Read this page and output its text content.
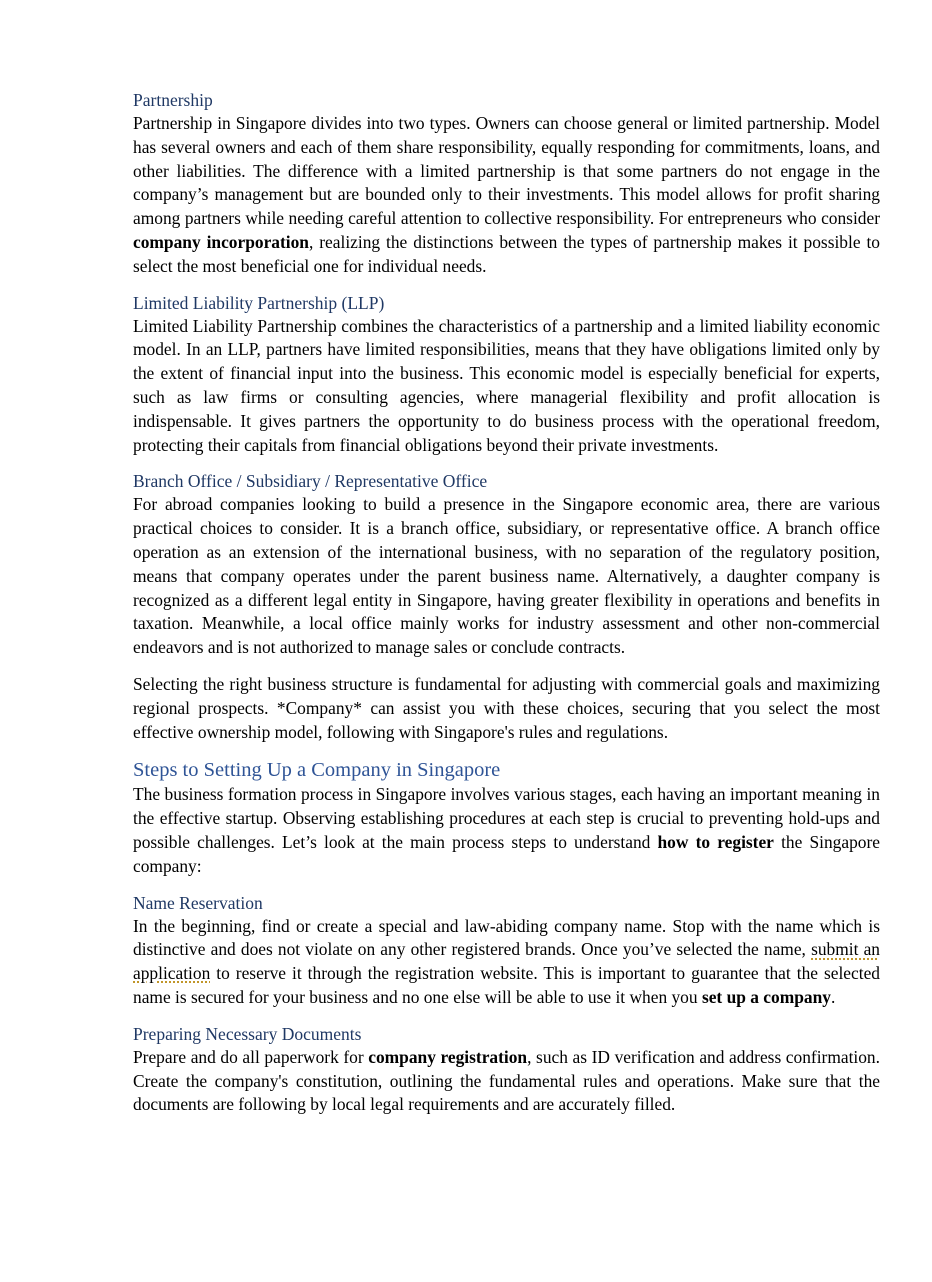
Partnership

Partnership in Singapore divides into two types. Owners can choose general or limited partnership. Model has several owners and each of them share responsibility, equally responding for commitments, loans, and other liabilities. The difference with a limited partnership is that some partners do not engage in the company’s management but are bounded only to their investments. This model allows for profit sharing among partners while needing careful attention to collective responsibility. For entrepreneurs who consider company incorporation, realizing the distinctions between the types of partnership makes it possible to select the most beneficial one for individual needs.

Limited Liability Partnership (LLP)

Limited Liability Partnership combines the characteristics of a partnership and a limited liability economic model. In an LLP, partners have limited responsibilities, means that they have obligations limited only by the extent of financial input into the business. This economic model is especially beneficial for experts, such as law firms or consulting agencies, where managerial flexibility and profit allocation is indispensable. It gives partners the opportunity to do business process with the operational freedom, protecting their capitals from financial obligations beyond their private investments.

Branch Office / Subsidiary / Representative Office

For abroad companies looking to build a presence in the Singapore economic area, there are various practical choices to consider. It is a branch office, subsidiary, or representative office. A branch office operation as an extension of the international business, with no separation of the regulatory position, means that company operates under the parent business name. Alternatively, a daughter company is recognized as a different legal entity in Singapore, having greater flexibility in operations and benefits in taxation. Meanwhile, a local office mainly works for industry assessment and other non-commercial endeavors and is not authorized to manage sales or conclude contracts.

Selecting the right business structure is fundamental for adjusting with commercial goals and maximizing regional prospects. *Company* can assist you with these choices, securing that you select the most effective ownership model, following with Singapore's rules and regulations.

Steps to Setting Up a Company in Singapore

The business formation process in Singapore involves various stages, each having an important meaning in the effective startup. Observing establishing procedures at each step is crucial to preventing hold-ups and possible challenges. Let’s look at the main process steps to understand how to register the Singapore company:

Name Reservation

In the beginning, find or create a special and law-abiding company name. Stop with the name which is distinctive and does not violate on any other registered brands. Once you’ve selected the name, submit an application to reserve it through the registration website. This is important to guarantee that the selected name is secured for your business and no one else will be able to use it when you set up a company.

Preparing Necessary Documents

Prepare and do all paperwork for company registration, such as ID verification and address confirmation. Create the company's constitution, outlining the fundamental rules and operations. Make sure that the documents are following by local legal requirements and are accurately filled.
